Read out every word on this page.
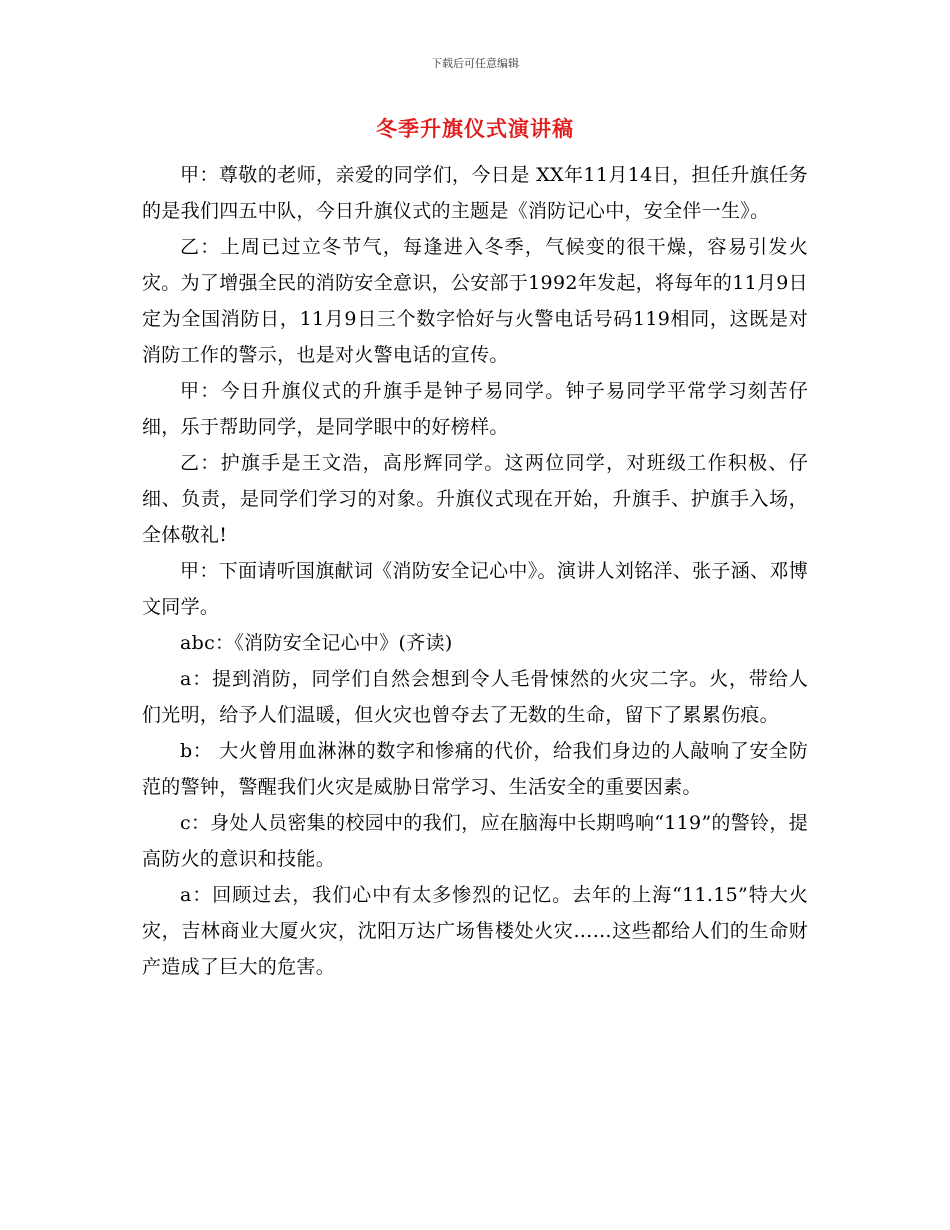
下载后可任意编辑
冬季升旗仪式演讲稿

甲：尊敬的老师，亲爱的同学们，今日是 XX年11月14日，担任升旗任务的是我们四五中队，今日升旗仪式的主题是《消防记心中，安全伴一生》。

乙：上周已过立冬节气，每逢进入冬季，气候变的很干燥，容易引发火灾。为了增强全民的消防安全意识，公安部于1992年发起，将每年的11月9日定为全国消防日，11月9日三个数字恰好与火警电话号码119相同，这既是对消防工作的警示，也是对火警电话的宣传。

甲：今日升旗仪式的升旗手是钟子易同学。钟子易同学平常学习刻苦仔细，乐于帮助同学，是同学眼中的好榜样。

乙：护旗手是王文浩，高彤辉同学。这两位同学，对班级工作积极、仔细、负责，是同学们学习的对象。升旗仪式现在开始，升旗手、护旗手入场，全体敬礼!

甲：下面请听国旗献词《消防安全记心中》。演讲人刘铭洋、张子涵、邓博文同学。

abc：《消防安全记心中》(齐读)

a：提到消防，同学们自然会想到令人毛骨悚然的火灾二字。火，带给人们光明，给予人们温暖，但火灾也曾夺去了无数的生命，留下了累累伤痕。

b： 大火曾用血淋淋的数字和惨痛的代价，给我们身边的人敲响了安全防范的警钟，警醒我们火灾是威胁日常学习、生活安全的重要因素。

c：身处人员密集的校园中的我们，应在脑海中长期鸣响“119”的警铃，提高防火的意识和技能。

a：回顾过去，我们心中有太多惨烈的记忆。去年的上海“11.15”特大火灾，吉林商业大厦火灾，沈阳万达广场售楼处火灾……这些都给人们的生命财产造成了巨大的危害。
